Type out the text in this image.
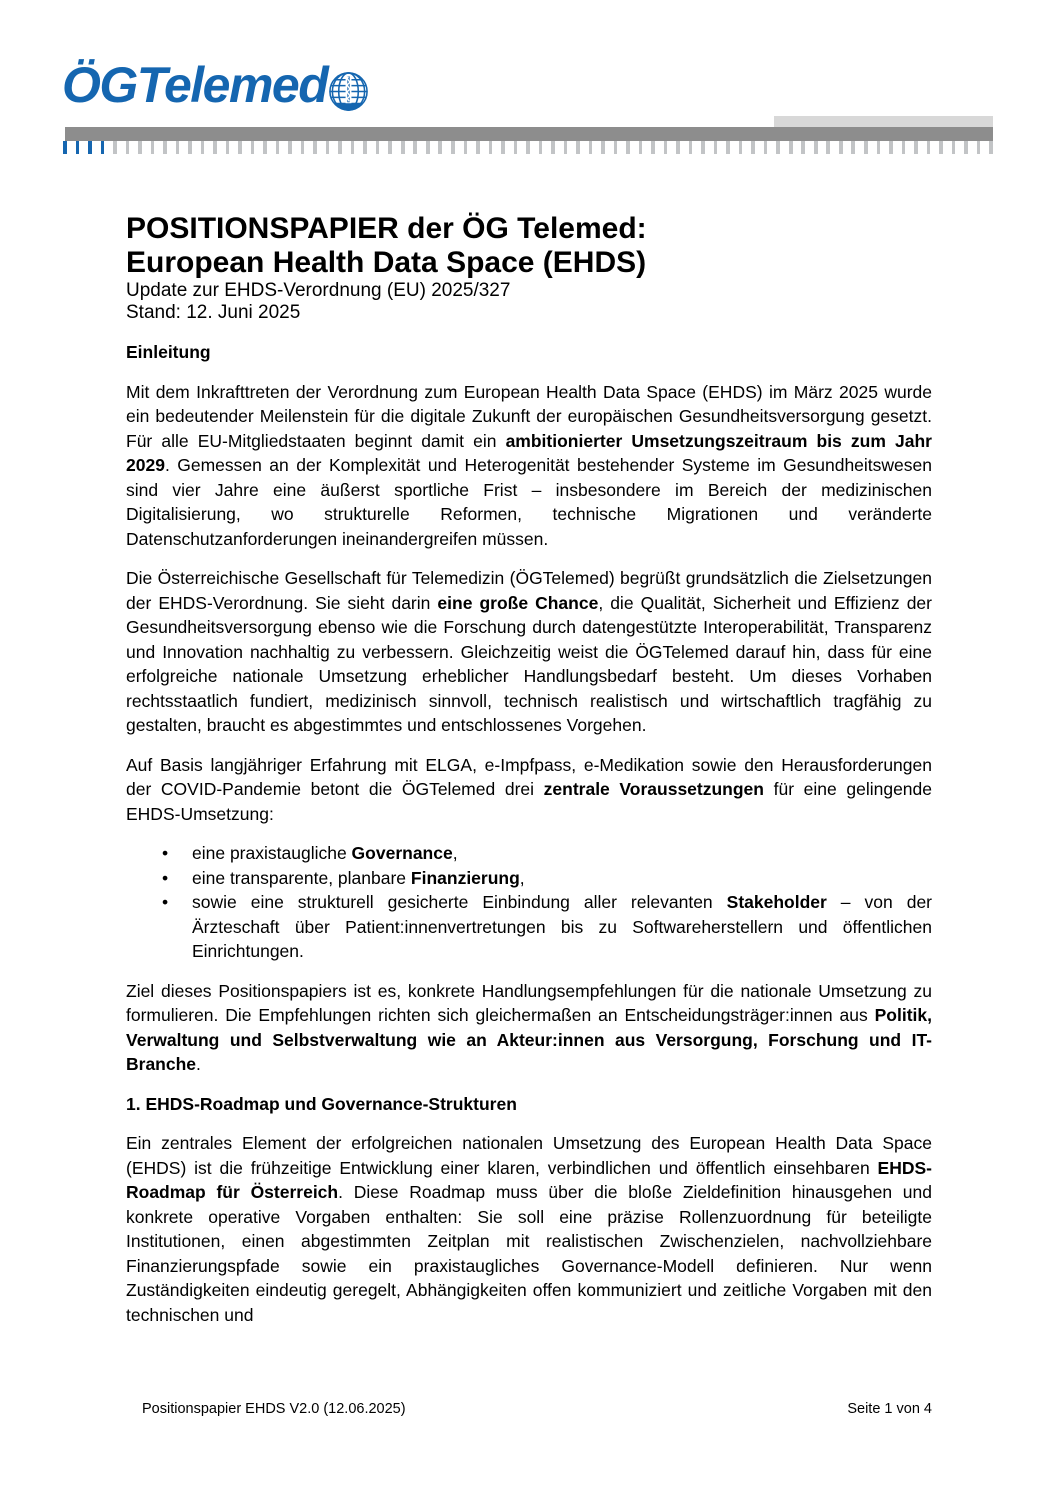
ÖGTelemed
POSITIONSPAPIER der ÖG Telemed:
European Health Data Space (EHDS)

Update zur EHDS-Verordnung (EU) 2025/327

Stand: 12. Juni 2025

Einleitung

Mit dem Inkrafttreten der Verordnung zum European Health Data Space (EHDS) im März 2025 wurde ein bedeutender Meilenstein für die digitale Zukunft der europäischen Gesundheitsversorgung gesetzt. Für alle EU-Mitgliedstaaten beginnt damit ein ambitionierter Umsetzungszeitraum bis zum Jahr 2029. Gemessen an der Komplexität und Heterogenität bestehender Systeme im Gesundheitswesen sind vier Jahre eine äußerst sportliche Frist – insbesondere im Bereich der medizinischen Digitalisierung, wo strukturelle Reformen, technische Migrationen und veränderte Datenschutzanforderungen ineinandergreifen müssen.

Die Österreichische Gesellschaft für Telemedizin (ÖGTelemed) begrüßt grundsätzlich die Zielsetzungen der EHDS-Verordnung. Sie sieht darin eine große Chance, die Qualität, Sicherheit und Effizienz der Gesundheitsversorgung ebenso wie die Forschung durch datengestützte Interoperabilität, Transparenz und Innovation nachhaltig zu verbessern. Gleichzeitig weist die ÖGTelemed darauf hin, dass für eine erfolgreiche nationale Umsetzung erheblicher Handlungsbedarf besteht. Um dieses Vorhaben rechtsstaatlich fundiert, medizinisch sinnvoll, technisch realistisch und wirtschaftlich tragfähig zu gestalten, braucht es abgestimmtes und entschlossenes Vorgehen.

Auf Basis langjähriger Erfahrung mit ELGA, e-Impfpass, e-Medikation sowie den Herausforderungen der COVID-Pandemie betont die ÖGTelemed drei zentrale Voraussetzungen für eine gelingende EHDS-Umsetzung:

• eine praxistaugliche Governance,
• eine transparente, planbare Finanzierung,
• sowie eine strukturell gesicherte Einbindung aller relevanten Stakeholder – von der Ärzteschaft über Patient:innenvertretungen bis zu Softwareherstellern und öffentlichen Einrichtungen.

Ziel dieses Positionspapiers ist es, konkrete Handlungsempfehlungen für die nationale Umsetzung zu formulieren. Die Empfehlungen richten sich gleichermaßen an Entscheidungsträger:innen aus Politik, Verwaltung und Selbstverwaltung wie an Akteur:innen aus Versorgung, Forschung und IT-Branche.

1. EHDS-Roadmap und Governance-Strukturen

Ein zentrales Element der erfolgreichen nationalen Umsetzung des European Health Data Space (EHDS) ist die frühzeitige Entwicklung einer klaren, verbindlichen und öffentlich einsehbaren EHDS-Roadmap für Österreich. Diese Roadmap muss über die bloße Zieldefinition hinausgehen und konkrete operative Vorgaben enthalten: Sie soll eine präzise Rollenzuordnung für beteiligte Institutionen, einen abgestimmten Zeitplan mit realistischen Zwischenzielen, nachvollziehbare Finanzierungspfade sowie ein praxistaugliches Governance-Modell definieren. Nur wenn Zuständigkeiten eindeutig geregelt, Abhängigkeiten offen kommuniziert und zeitliche Vorgaben mit den technischen und

Positionspapier EHDS V2.0 (12.06.2025)	Seite 1 von 4
